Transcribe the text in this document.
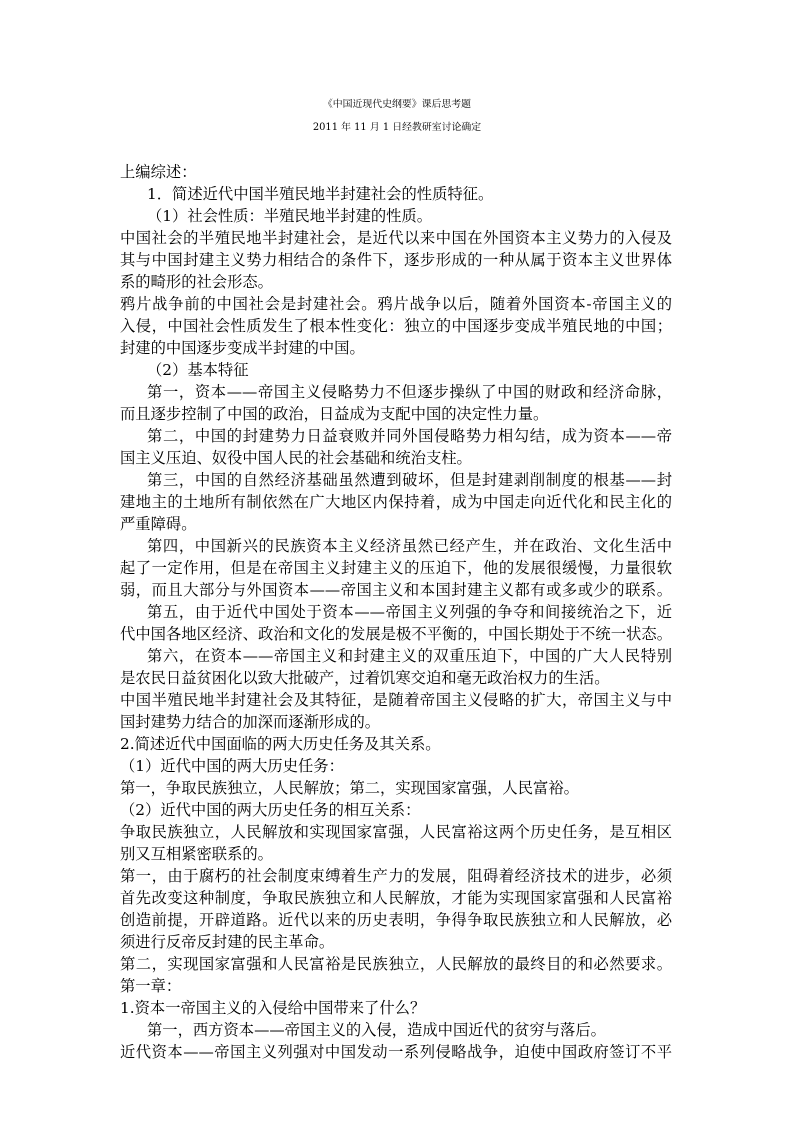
《中国近现代史纲要》课后思考题
2011 年 11 月 1 日经教研室讨论确定
上编综述：
1．简述近代中国半殖民地半封建社会的性质特征。
（1）社会性质：半殖民地半封建的性质。
中国社会的半殖民地半封建社会，是近代以来中国在外国资本主义势力的入侵及
其与中国封建主义势力相结合的条件下，逐步形成的一种从属于资本主义世界体
系的畸形的社会形态。
鸦片战争前的中国社会是封建社会。鸦片战争以后，随着外国资本-帝国主义的
入侵，中国社会性质发生了根本性变化：独立的中国逐步变成半殖民地的中国；
封建的中国逐步变成半封建的中国。
（2）基本特征
第一，资本——帝国主义侵略势力不但逐步操纵了中国的财政和经济命脉，
而且逐步控制了中国的政治，日益成为支配中国的决定性力量。
第二，中国的封建势力日益衰败并同外国侵略势力相勾结，成为资本——帝
国主义压迫、奴役中国人民的社会基础和统治支柱。
第三，中国的自然经济基础虽然遭到破坏，但是封建剥削制度的根基——封
建地主的土地所有制依然在广大地区内保持着，成为中国走向近代化和民主化的
严重障碍。
第四，中国新兴的民族资本主义经济虽然已经产生，并在政治、文化生活中
起了一定作用，但是在帝国主义封建主义的压迫下，他的发展很缓慢，力量很软
弱，而且大部分与外国资本——帝国主义和本国封建主义都有或多或少的联系。
第五，由于近代中国处于资本——帝国主义列强的争夺和间接统治之下，近
代中国各地区经济、政治和文化的发展是极不平衡的，中国长期处于不统一状态。
第六，在资本——帝国主义和封建主义的双重压迫下，中国的广大人民特别
是农民日益贫困化以致大批破产，过着饥寒交迫和毫无政治权力的生活。
中国半殖民地半封建社会及其特征，是随着帝国主义侵略的扩大，帝国主义与中
国封建势力结合的加深而逐渐形成的。
2.简述近代中国面临的两大历史任务及其关系。
（1）近代中国的两大历史任务：
第一，争取民族独立，人民解放；第二，实现国家富强，人民富裕。
（2）近代中国的两大历史任务的相互关系：
争取民族独立，人民解放和实现国家富强，人民富裕这两个历史任务，是互相区
别又互相紧密联系的。
第一，由于腐朽的社会制度束缚着生产力的发展，阻碍着经济技术的进步，必须
首先改变这种制度，争取民族独立和人民解放，才能为实现国家富强和人民富裕
创造前提，开辟道路。近代以来的历史表明，争得争取民族独立和人民解放，必
须进行反帝反封建的民主革命。
第二，实现国家富强和人民富裕是民族独立，人民解放的最终目的和必然要求。
第一章：
1.资本一帝国主义的入侵给中国带来了什么？
第一，西方资本——帝国主义的入侵，造成中国近代的贫穷与落后。
近代资本——帝国主义列强对中国发动一系列侵略战争，迫使中国政府签订不平
